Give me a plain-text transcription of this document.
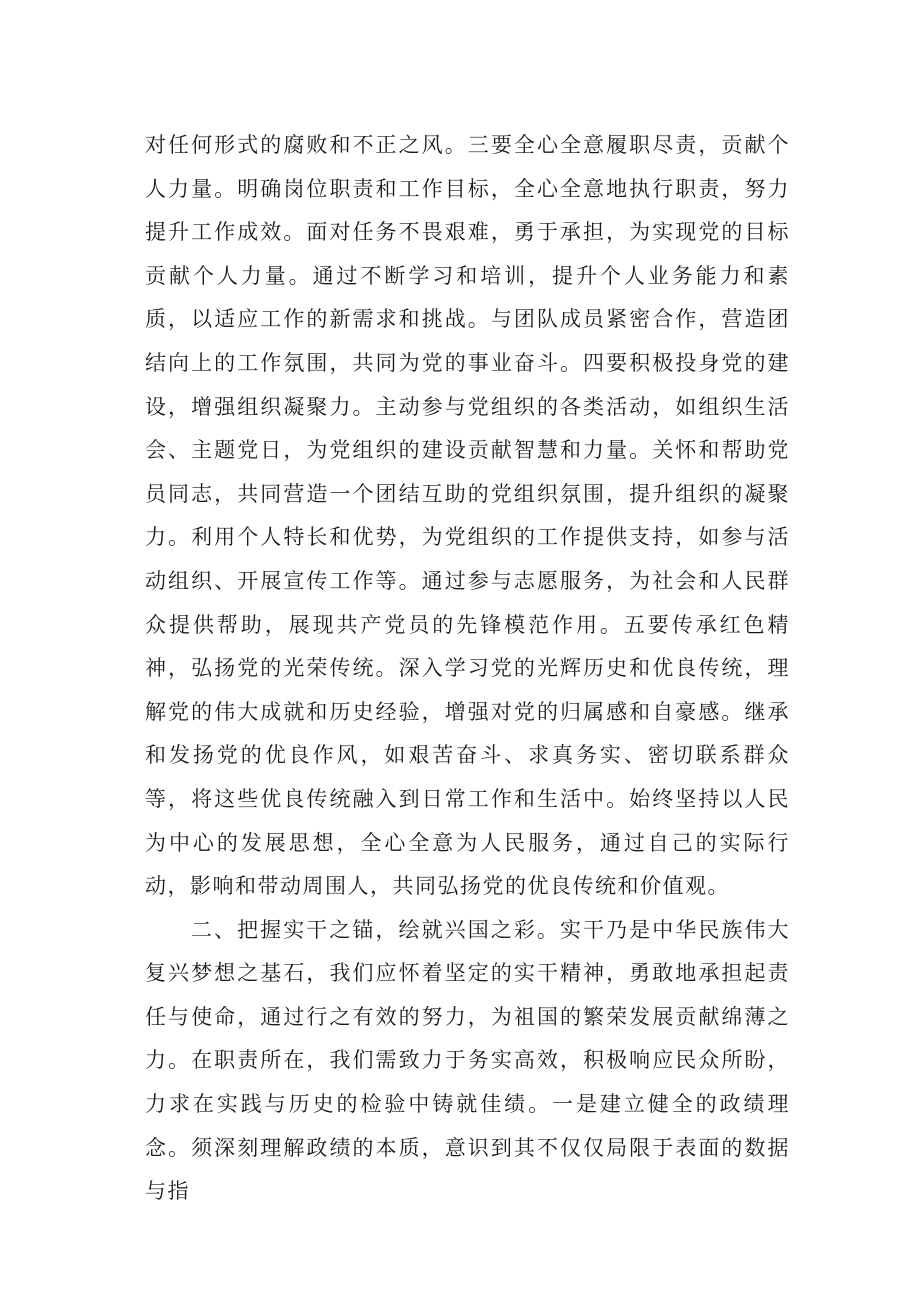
对任何形式的腐败和不正之风。三要全心全意履职尽责，贡献个人力量。明确岗位职责和工作目标，全心全意地执行职责，努力提升工作成效。面对任务不畏艰难，勇于承担，为实现党的目标贡献个人力量。通过不断学习和培训，提升个人业务能力和素质，以适应工作的新需求和挑战。与团队成员紧密合作，营造团结向上的工作氛围，共同为党的事业奋斗。四要积极投身党的建设，增强组织凝聚力。主动参与党组织的各类活动，如组织生活会、主题党日，为党组织的建设贡献智慧和力量。关怀和帮助党员同志，共同营造一个团结互助的党组织氛围，提升组织的凝聚力。利用个人特长和优势，为党组织的工作提供支持，如参与活动组织、开展宣传工作等。通过参与志愿服务，为社会和人民群众提供帮助，展现共产党员的先锋模范作用。五要传承红色精神，弘扬党的光荣传统。深入学习党的光辉历史和优良传统，理解党的伟大成就和历史经验，增强对党的归属感和自豪感。继承和发扬党的优良作风，如艰苦奋斗、求真务实、密切联系群众等，将这些优良传统融入到日常工作和生活中。始终坚持以人民为中心的发展思想，全心全意为人民服务，通过自己的实际行动，影响和带动周围人，共同弘扬党的优良传统和价值观。

二、把握实干之锚，绘就兴国之彩。实干乃是中华民族伟大复兴梦想之基石，我们应怀着坚定的实干精神，勇敢地承担起责任与使命，通过行之有效的努力，为祖国的繁荣发展贡献绵薄之力。在职责所在，我们需致力于务实高效，积极响应民众所盼，力求在实践与历史的检验中铸就佳绩。一是建立健全的政绩理念。须深刻理解政绩的本质，意识到其不仅仅局限于表面的数据与指
